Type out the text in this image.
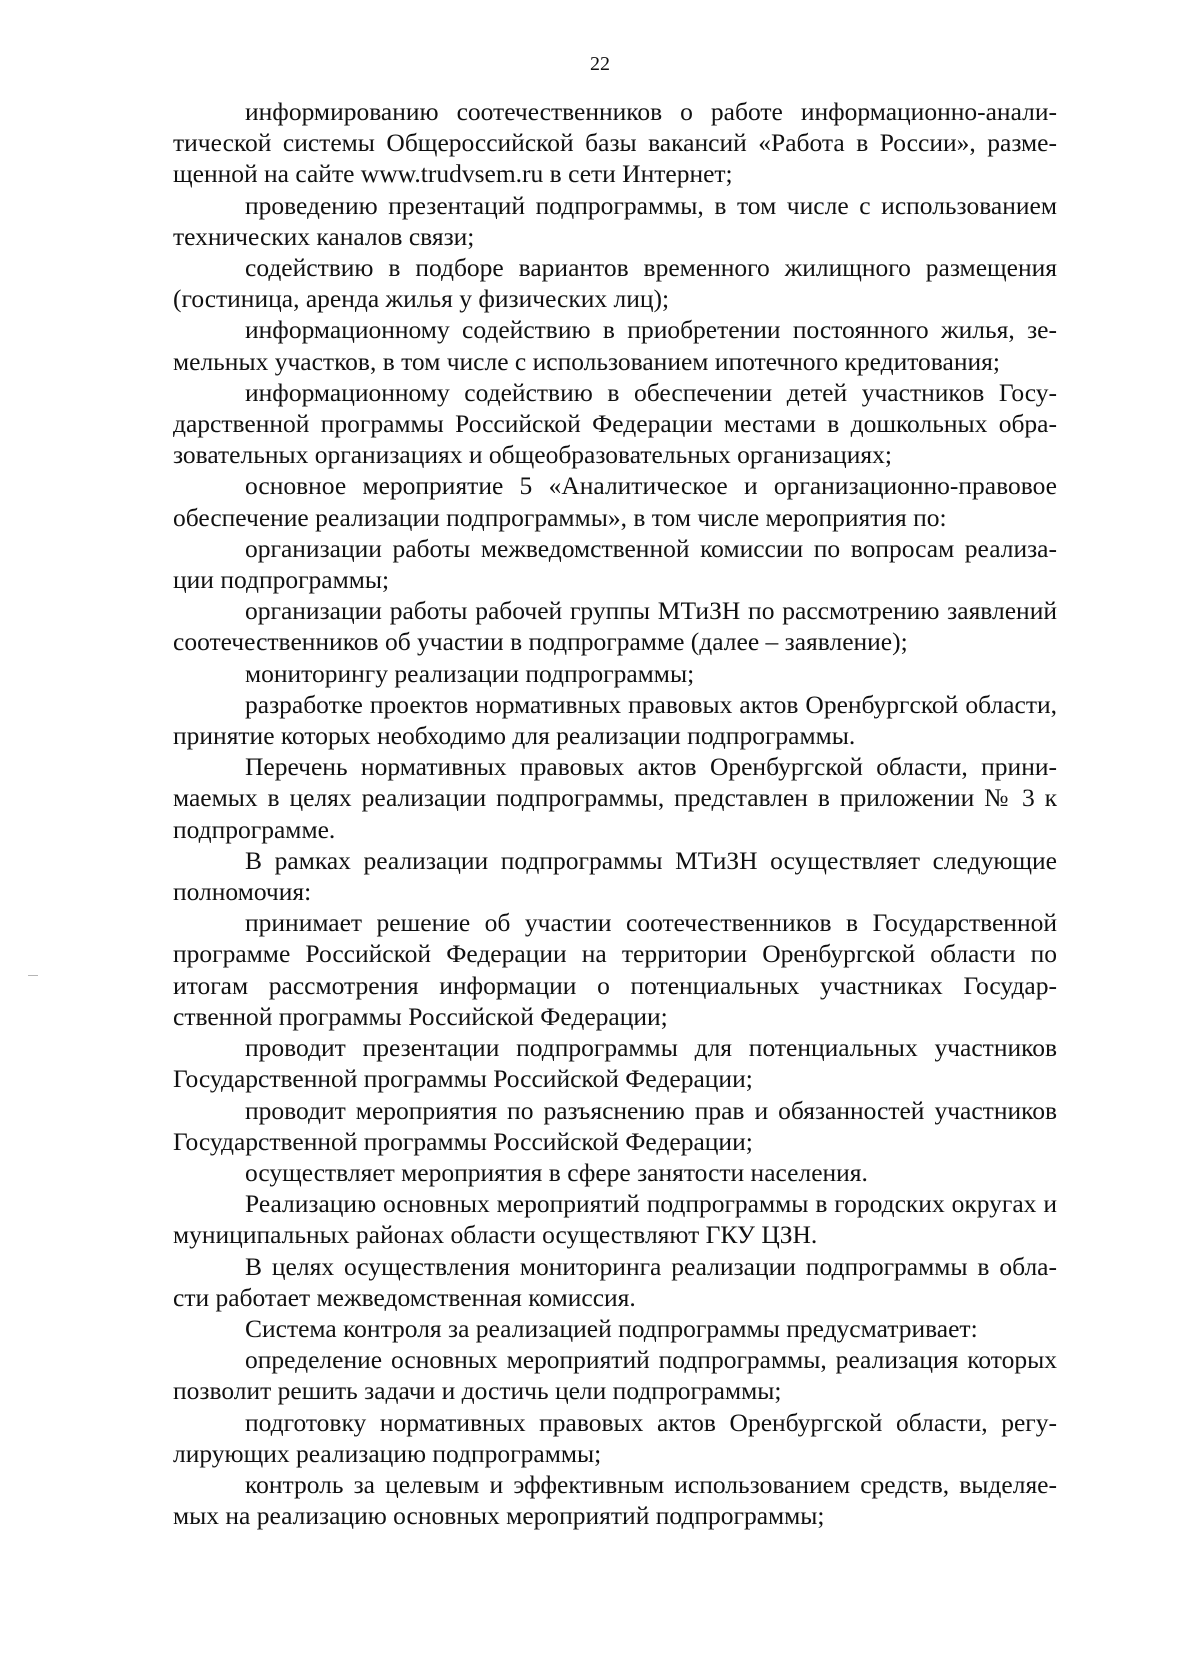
22

информированию соотечественников о работе информационно-аналитической системы Общероссийской базы вакансий «Работа в России», размещенной на сайте www.trudvsem.ru в сети Интернет;

проведению презентаций подпрограммы, в том числе с использованием технических каналов связи;

содействию в подборе вариантов временного жилищного размещения (гостиница, аренда жилья у физических лиц);

информационному содействию в приобретении постоянного жилья, земельных участков, в том числе с использованием ипотечного кредитования;

информационному содействию в обеспечении детей участников Государственной программы Российской Федерации местами в дошкольных образовательных организациях и общеобразовательных организациях;

основное мероприятие 5 «Аналитическое и организационно-правовое обеспечение реализации подпрограммы», в том числе мероприятия по:

организации работы межведомственной комиссии по вопросам реализации подпрограммы;

организации работы рабочей группы МТиЗН по рассмотрению заявлений соотечественников об участии в подпрограмме (далее – заявление);

мониторингу реализации подпрограммы;

разработке проектов нормативных правовых актов Оренбургской области, принятие которых необходимо для реализации подпрограммы.

Перечень нормативных правовых актов Оренбургской области, принимаемых в целях реализации подпрограммы, представлен в приложении № 3 к подпрограмме.

В рамках реализации подпрограммы МТиЗН осуществляет следующие полномочия:

принимает решение об участии соотечественников в Государственной программе Российской Федерации на территории Оренбургской области по итогам рассмотрения информации о потенциальных участниках Государственной программы Российской Федерации;

проводит презентации подпрограммы для потенциальных участников Государственной программы Российской Федерации;

проводит мероприятия по разъяснению прав и обязанностей участников Государственной программы Российской Федерации;

осуществляет мероприятия в сфере занятости населения.

Реализацию основных мероприятий подпрограммы в городских округах и муниципальных районах области осуществляют ГКУ ЦЗН.

В целях осуществления мониторинга реализации подпрограммы в области работает межведомственная комиссия.

Система контроля за реализацией подпрограммы предусматривает:

определение основных мероприятий подпрограммы, реализация которых позволит решить задачи и достичь цели подпрограммы;

подготовку нормативных правовых актов Оренбургской области, регулирующих реализацию подпрограммы;

контроль за целевым и эффективным использованием средств, выделяемых на реализацию основных мероприятий подпрограммы;
